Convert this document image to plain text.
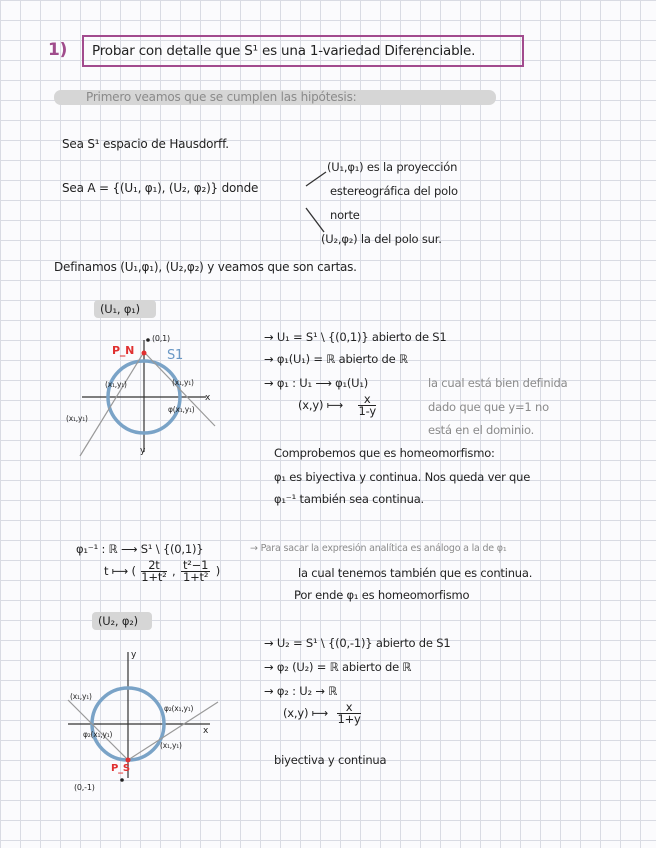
1) Probar con detalle que S¹ es una 1-variedad Diferenciable.
Primero veamos que se cumplen las hipótesis:
Sea S¹ espacio de Hausdorff.
Sea A = {(U₁, φ₁), (U₂, φ₂)} donde
(U₁,φ₁) es la proyección
estereográfica del polo
norte
(U₂,φ₂) la del polo sur.
Definamos (U₁,φ₁), (U₂,φ₂) y veamos que son cartas.
(U₁, φ₁)
(0,1)
P_N	S1
(x₁,y₁)	(x₁,y₁)
(x₁,y₁)
φ(x₁,y₁)
x
y
→ U₁ = S¹ \ {(0,1)} abierto de S1
→ φ₁(U₁) = ℝ abierto de ℝ
→ φ₁ : U₁ ⟶ φ₁(U₁)
(x,y) ⟼ $\frac{x}{1-y}$
la cual está bien definida
dado que que y=1 no
está en el dominio.
Comprobemos que es homeomorfismo:
φ₁ es biyectiva y continua. Nos queda ver que
φ₁⁻¹ también sea continua.
φ₁⁻¹ : ℝ ⟶ S¹ \ {(0,1)}	→ Para sacar la expresión analítica es análogo a la de φ₁
t ⟼ ( $\frac{2t}{\text{1+t²}}$ , $\frac{\text{t²−1}}{\text{1+t²}}$ )	la cual tenemos también que es continua.
Por ende φ₁ es homeomorfismo
(U₂, φ₂)
(x₁,y₁)
φ₂(x₁,y₁)
φ₂(x₁,y₁)
(x₁,y₁)
P_S
(0,-1)
x
y
→ U₂ = S¹ \ {(0,-1)} abierto de S1
→ φ₂ (U₂) = ℝ abierto de ℝ
→ φ₂ : U₂ → ℝ
(x,y) ⟼ $\frac{x}{1+y}$
biyectiva y continua
